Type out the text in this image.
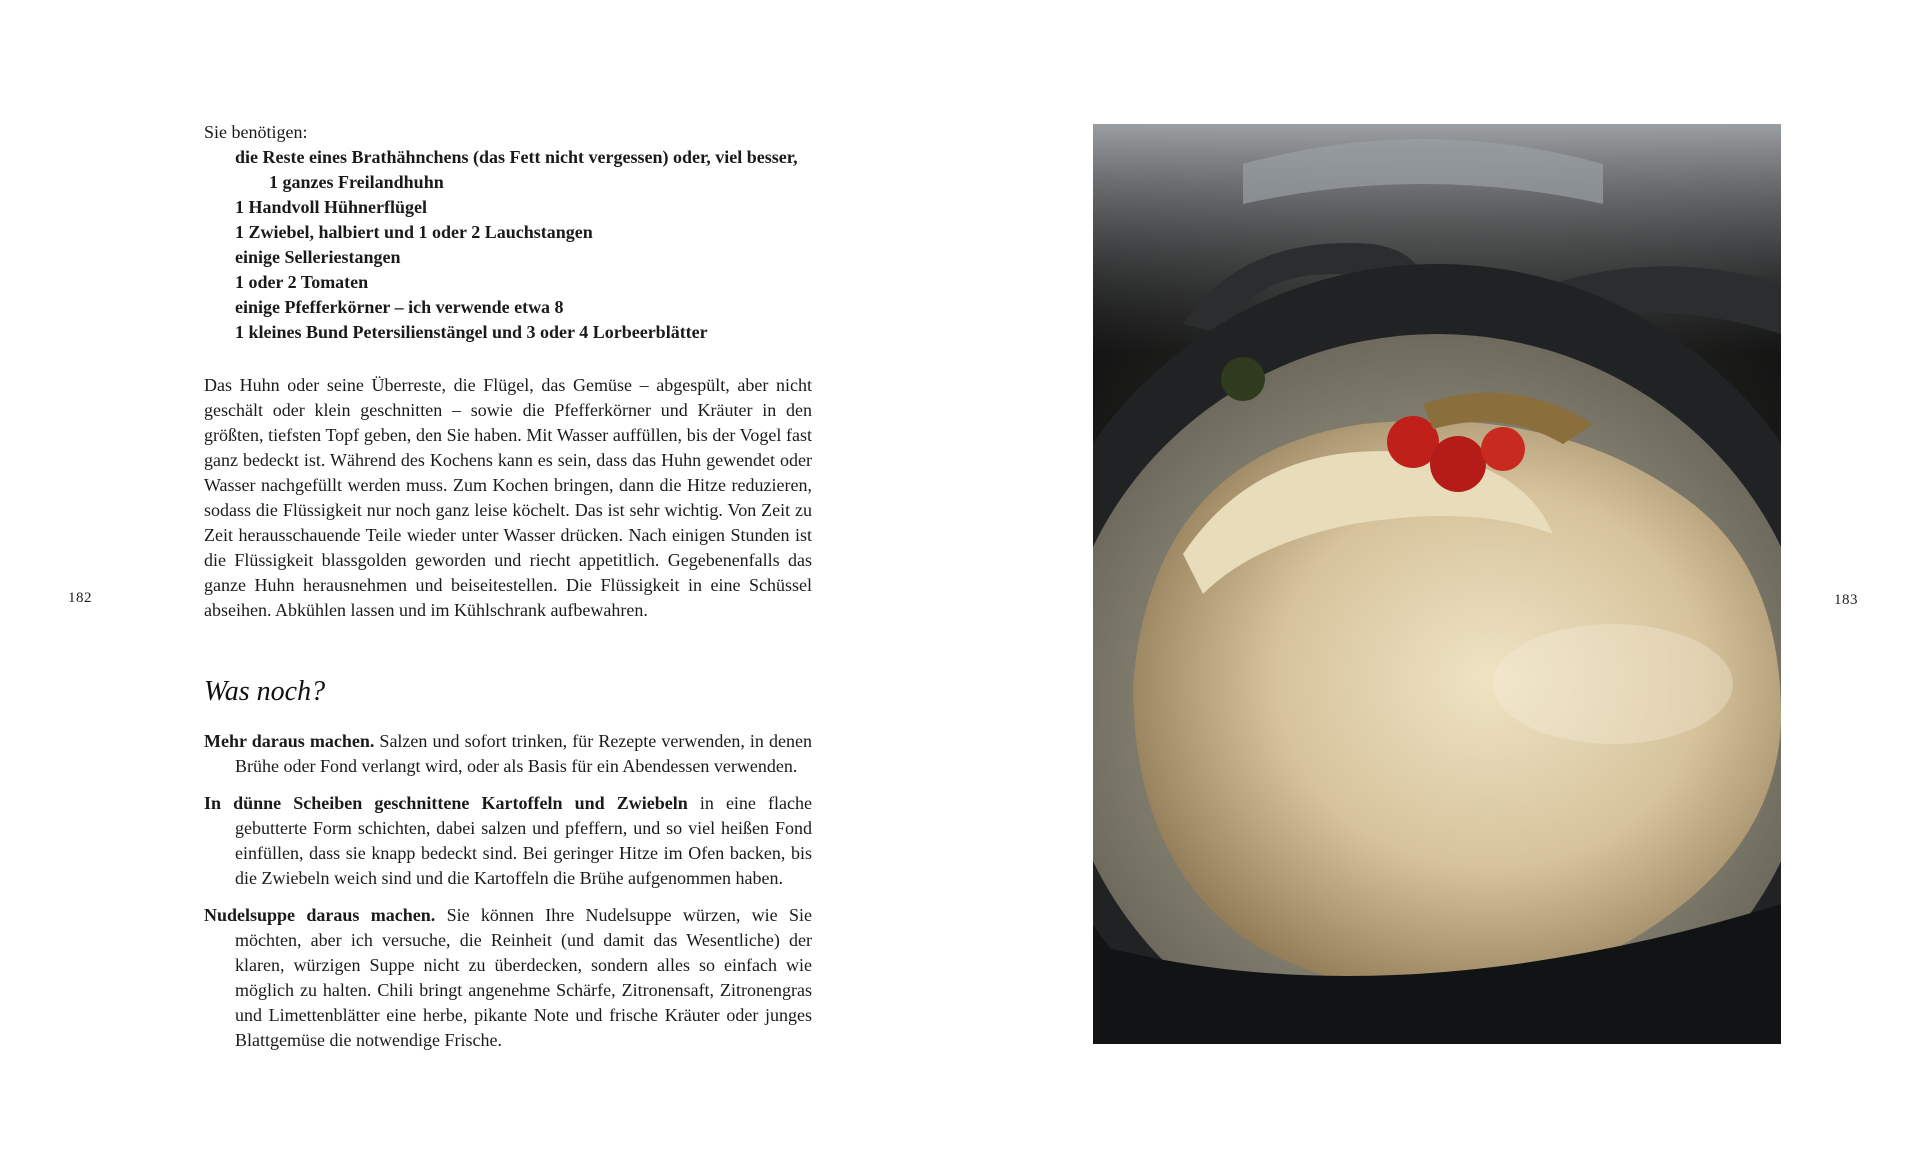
182

Sie benötigen:

die Reste eines Brathähnchens (das Fett nicht vergessen) oder, viel besser,
1 ganzes Freilandhuhn
1 Handvoll Hühnerflügel
1 Zwiebel, halbiert und 1 oder 2 Lauchstangen
einige Selleriestangen
1 oder 2 Tomaten
einige Pfefferkörner – ich verwende etwa 8
1 kleines Bund Petersilienstängel und 3 oder 4 Lorbeerblätter

Das Huhn oder seine Überreste, die Flügel, das Gemüse – abgespült, aber nicht geschält oder klein geschnitten – sowie die Pfefferkörner und Kräuter in den größten, tiefsten Topf geben, den Sie haben. Mit Wasser auffüllen, bis der Vogel fast ganz bedeckt ist. Während des Kochens kann es sein, dass das Huhn gewendet oder Wasser nachgefüllt werden muss. Zum Kochen bringen, dann die Hitze reduzieren, sodass die Flüssigkeit nur noch ganz leise köchelt. Das ist sehr wichtig. Von Zeit zu Zeit herausschauende Teile wieder unter Wasser drücken. Nach einigen Stunden ist die Flüssigkeit blassgolden geworden und riecht appetitlich. Gegebenenfalls das ganze Huhn herausnehmen und beiseitestellen. Die Flüssigkeit in eine Schüssel abseihen. Abkühlen lassen und im Kühlschrank aufbewahren.

Was noch?

Mehr daraus machen. Salzen und sofort trinken, für Rezepte verwenden, in denen Brühe oder Fond verlangt wird, oder als Basis für ein Abendessen verwenden.

In dünne Scheiben geschnittene Kartoffeln und Zwiebeln in eine flache gebutterte Form schichten, dabei salzen und pfeffern, und so viel heißen Fond einfüllen, dass sie knapp bedeckt sind. Bei geringer Hitze im Ofen backen, bis die Zwiebeln weich sind und die Kartoffeln die Brühe aufgenommen haben.

Nudelsuppe daraus machen. Sie können Ihre Nudelsuppe würzen, wie Sie möchten, aber ich versuche, die Reinheit (und damit das Wesentliche) der klaren, würzigen Suppe nicht zu überdecken, sondern alles so einfach wie möglich zu halten. Chili bringt angenehme Schärfe, Zitronensaft, Zitronengras und Limettenblätter eine herbe, pikante Note und frische Kräuter oder junges Blattgemüse die notwendige Frische.

183
